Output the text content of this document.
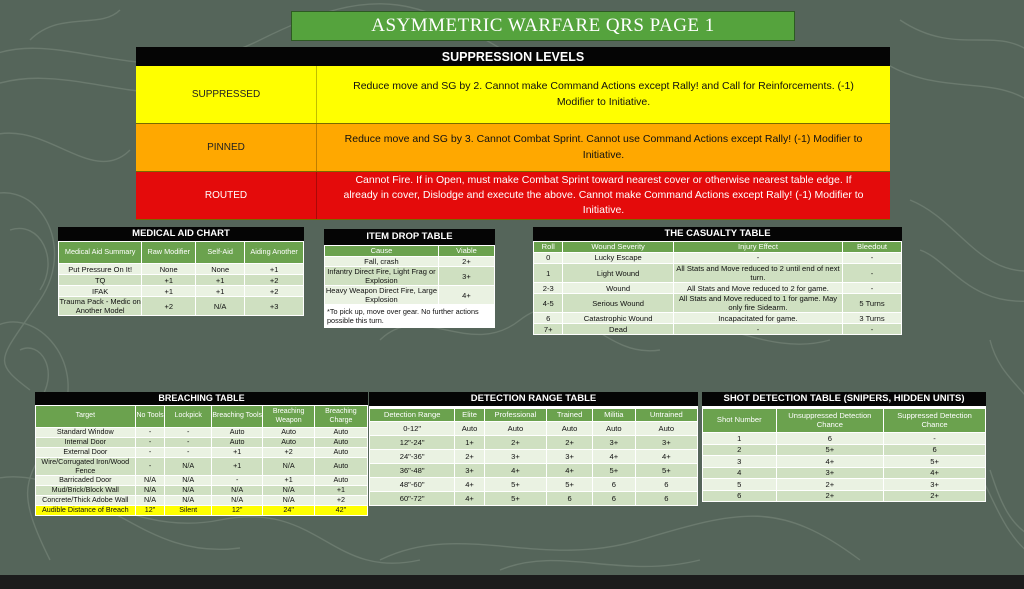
ASYMMETRIC WARFARE QRS PAGE 1
SUPPRESSION LEVELS
SUPPRESSED
Reduce move and SG by 2. Cannot make Command Actions except Rally! and Call for Reinforcements. (-1) Modifier to Initiative.
PINNED
Reduce move and SG by 3. Cannot Combat Sprint. Cannot use Command Actions except Rally! (-1) Modifier to Initiative.
ROUTED
Cannot Fire. If in Open, must make Combat Sprint toward nearest cover or otherwise nearest table edge. If already in cover, Dislodge and execute the above. Cannot make Command Actions except Rally! (-1) Modifier to Initiative.
MEDICAL AID CHART
Medical Aid Summary	Raw Modifier	Self-Aid	Aiding Another
Put Pressure On It!	None	None	+1
TQ	+1	+1	+2
IFAK	+1	+1	+2
Trauma Pack - Medic on Another Model	+2	N/A	+3
ITEM DROP TABLE
Cause	Viable
Fall, crash	2+
Infantry Direct Fire, Light Frag or Explosion	3+
Heavy Weapon Direct Fire, Large Explosion	4+
*To pick up, move over gear. No further actions possible this turn.
THE CASUALTY TABLE
Roll	Wound Severity	Injury Effect	Bleedout
0	Lucky Escape	-	-
1	Light Wound	All Stats and Move reduced to 2 until end of next turn.	-
2-3	Wound	All Stats and Move reduced to 2 for game.	-
4-5	Serious Wound	All Stats and Move reduced to 1 for game. May only fire Sidearm.	5 Turns
6	Catastrophic Wound	Incapacitated for game.	3 Turns
7+	Dead	-	-
BREACHING TABLE
Target	No Tools	Lockpick	Breaching Tools	Breaching Weapon	Breaching Charge
Standard Window	-	-	Auto	Auto	Auto
Internal Door	-	-	Auto	Auto	Auto
External Door	-	-	+1	+2	Auto
Wire/Corrugated Iron/Wood Fence	-	N/A	+1	N/A	Auto
Barricaded Door	N/A	N/A	-	+1	Auto
Mud/Brick/Block Wall	N/A	N/A	N/A	N/A	+1
Concrete/Thick Adobe Wall	N/A	N/A	N/A	N/A	+2
Audible Distance of Breach	12"	Silent	12"	24"	42"
DETECTION RANGE TABLE
Detection Range	Elite	Professional	Trained	Militia	Untrained
0-12"	Auto	Auto	Auto	Auto	Auto
12"-24"	1+	2+	2+	3+	3+
24"-36"	2+	3+	3+	4+	4+
36"-48"	3+	4+	4+	5+	5+
48"-60"	4+	5+	5+	6	6
60"-72"	4+	5+	6	6	6
SHOT DETECTION TABLE (SNIPERS, HIDDEN UNITS)
Shot Number	Unsuppressed Detection Chance	Suppressed Detection Chance
1	6	-
2	5+	6
3	4+	5+
4	3+	4+
5	2+	3+
6	2+	2+
